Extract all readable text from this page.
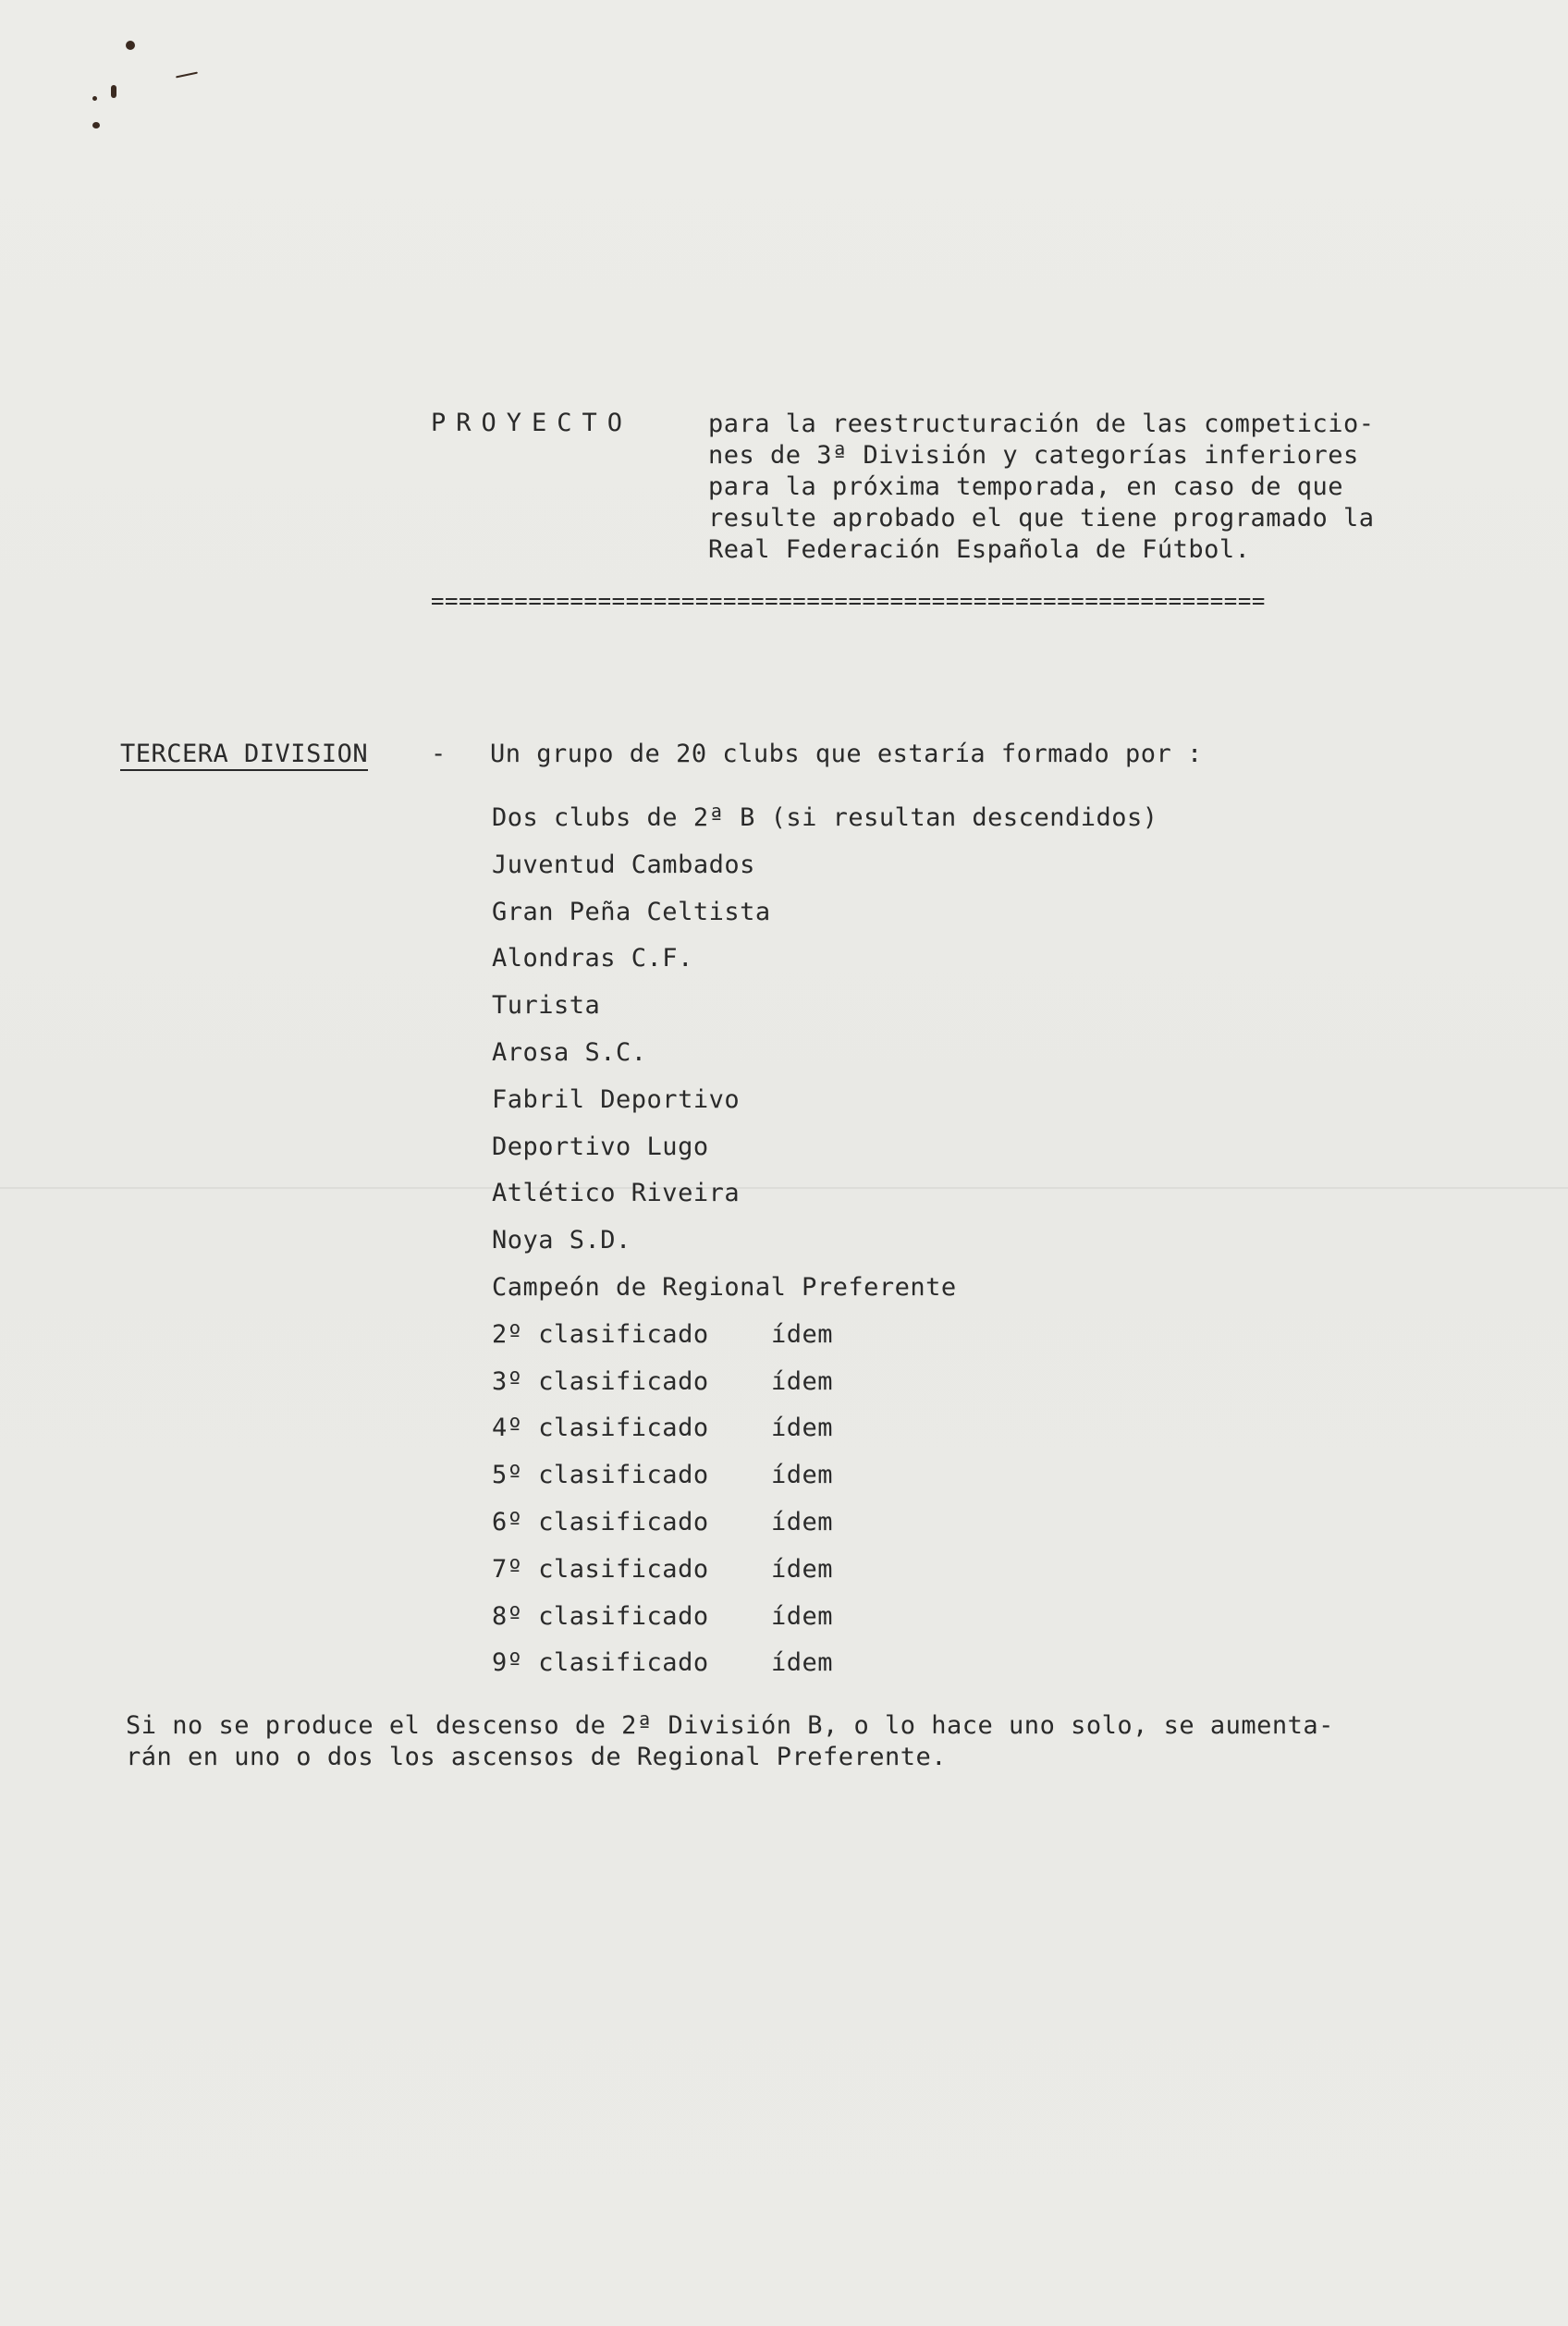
PROYECTO	para la reestructuración de las competicio-
nes de 3ª División y categorías inferiores
para la próxima temporada, en caso de que
resulte aprobado el que tiene programado la
Real Federación Española de Fútbol.
============================================================
TERCERA DIVISION	- Un grupo de 20 clubs que estaría formado por :
Dos clubs de 2ª B (si resultan descendidos)
Juventud Cambados
Gran Peña Celtista
Alondras C.F.
Turista
Arosa S.C.
Fabril Deportivo
Deportivo Lugo
Atlético Riveira
Noya S.D.
Campeón de Regional Preferente
2º clasificado ídem
3º clasificado ídem
4º clasificado ídem
5º clasificado ídem
6º clasificado ídem
7º clasificado ídem
8º clasificado ídem
9º clasificado ídem
Si no se produce el descenso de 2ª División B, o lo hace uno solo, se aumenta-
rán en uno o dos los ascensos de Regional Preferente.
